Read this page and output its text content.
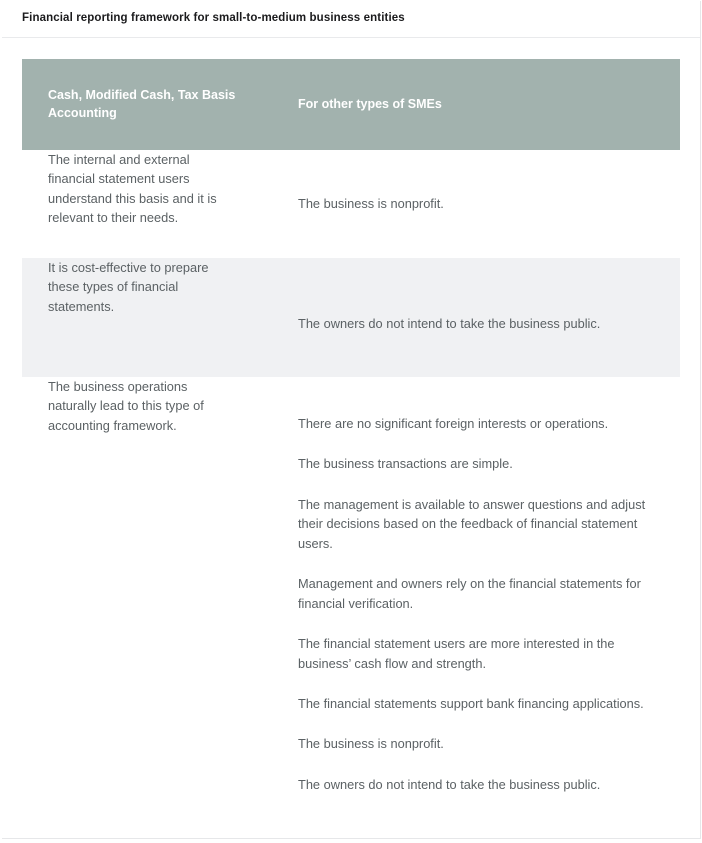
Financial reporting framework for small-to-medium business entities
Cash, Modified Cash, Tax Basis Accounting	For other types of SMEs

The internal and external financial statement users understand this basis and it is relevant to their needs.	The business is nonprofit.

It is cost-effective to prepare these types of financial statements.	The owners do not intend to take the business public.

The business operations naturally lead to this type of accounting framework.	There are no significant foreign interests or operations.
The business transactions are simple.
The management is available to answer questions and adjust their decisions based on the feedback of financial statement users.
Management and owners rely on the financial statements for financial verification.
The financial statement users are more interested in the business’ cash flow and strength.
The financial statements support bank financing applications.
The business is nonprofit.
The owners do not intend to take the business public.
